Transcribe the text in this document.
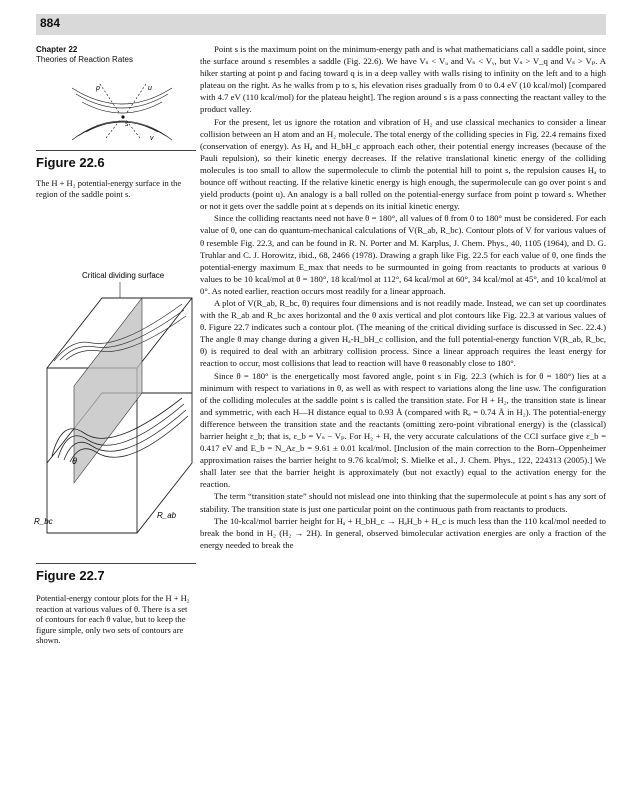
884
Chapter 22
Theories of Reaction Rates
p	u
s
v
Figure 22.6
The H + H₂ potential-energy surface in the region of the saddle point s.
Critical dividing surface
θ
R_bc
R_ab
Figure 22.7
Potential-energy contour plots for the H + H₂ reaction at various values of θ. There is a set of contours for each θ value, but to keep the figure simple, only two sets of contours are shown.

Point s is the maximum point on the minimum-energy path and is what mathematicians call a saddle point, since the surface around s resembles a saddle (Fig. 22.6). We have Vₛ < Vᵤ and Vₛ < Vᵥ, but Vₛ > V_q and Vₛ > Vₚ. A hiker starting at point p and facing toward q is in a deep valley with walls rising to infinity on the left and to a high plateau on the right. As he walks from p to s, his elevation rises gradually from 0 to 0.4 eV (10 kcal/mol) [compared with 4.7 eV (110 kcal/mol) for the plateau height]. The region around s is a pass connecting the reactant valley to the product valley.

For the present, let us ignore the rotation and vibration of H₂ and use classical mechanics to consider a linear collision between an H atom and an H₂ molecule. The total energy of the colliding species in Fig. 22.4 remains fixed (conservation of energy). As Hₐ and H_bH_c approach each other, their potential energy increases (because of the Pauli repulsion), so their kinetic energy decreases. If the relative translational kinetic energy of the colliding molecules is too small to allow the supermolecule to climb the potential hill to point s, the repulsion causes Hₐ to bounce off without reacting. If the relative kinetic energy is high enough, the supermolecule can go over point s and yield products (point u). An analogy is a ball rolled on the potential-energy surface from point p toward s. Whether or not it gets over the saddle point at s depends on its initial kinetic energy.

Since the colliding reactants need not have θ = 180°, all values of θ from 0 to 180° must be considered. For each value of θ, one can do quantum-mechanical calculations of V(R_ab, R_bc). Contour plots of V for various values of θ resemble Fig. 22.3, and can be found in R. N. Porter and M. Karplus, J. Chem. Phys., 40, 1105 (1964), and D. G. Truhlar and C. J. Horowitz, ibid., 68, 2466 (1978). Drawing a graph like Fig. 22.5 for each value of θ, one finds the potential-energy maximum E_max that needs to be surmounted in going from reactants to products at various θ values to be 10 kcal/mol at θ = 180°, 18 kcal/mol at 112°, 64 kcal/mol at 60°, 34 kcal/mol at 45°, and 10 kcal/mol at 0°. As noted earlier, reaction occurs most readily for a linear approach.

A plot of V(R_ab, R_bc, θ) requires four dimensions and is not readily made. Instead, we can set up coordinates with the R_ab and R_bc axes horizontal and the θ axis vertical and plot contours like Fig. 22.3 at various values of θ. Figure 22.7 indicates such a contour plot. (The meaning of the critical dividing surface is discussed in Sec. 22.4.) The angle θ may change during a given Hₐ-H_bH_c collision, and the full potential-energy function V(R_ab, R_bc, θ) is required to deal with an arbitrary collision process. Since a linear approach requires the least energy for reaction to occur, most collisions that lead to reaction will have θ reasonably close to 180°.

Since θ = 180° is the energetically most favored angle, point s in Fig. 22.3 (which is for θ = 180°) lies at a minimum with respect to variations in θ, as well as with respect to variations along the line usw. The configuration of the colliding molecules at the saddle point s is called the transition state. For H + H₂, the transition state is linear and symmetric, with each H—H distance equal to 0.93 Å (compared with Rₑ = 0.74 Å in H₂). The potential-energy difference between the transition state and the reactants (omitting zero-point vibrational energy) is the (classical) barrier height ε_b; that is, ε_b = Vₛ − Vₚ. For H₂ + H, the very accurate calculations of the CCI surface give ε_b = 0.417 eV and E_b = N_Aε_b = 9.61 ± 0.01 kcal/mol. [Inclusion of the main correction to the Born–Oppenheimer approximation raises the barrier height to 9.76 kcal/mol; S. Mielke et al., J. Chem. Phys., 122, 224313 (2005).] We shall later see that the barrier height is approximately (but not exactly) equal to the activation energy for the reaction.

The term “transition state” should not mislead one into thinking that the supermolecule at point s has any sort of stability. The transition state is just one particular point on the continuous path from reactants to products.

The 10-kcal/mol barrier height for Hₐ + H_bH_c → HₐH_b + H_c is much less than the 110 kcal/mol needed to break the bond in H₂ (H₂ → 2H). In general, observed bimolecular activation energies are only a fraction of the energy needed to break the
